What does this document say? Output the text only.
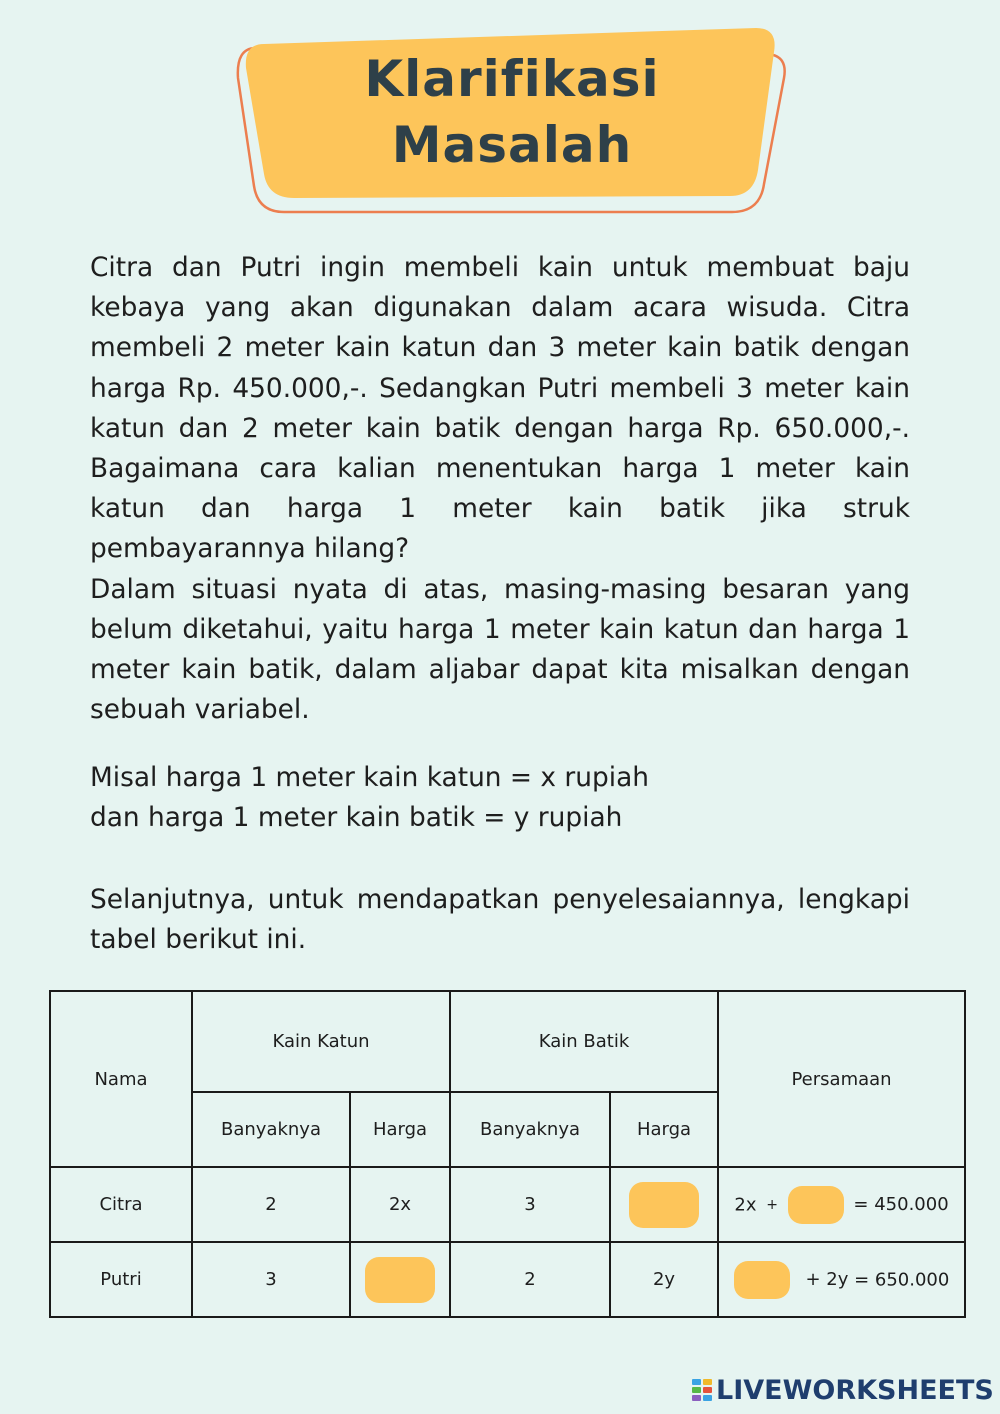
Klarifikasi
Masalah

Citra dan Putri ingin membeli kain untuk membuat baju kebaya yang akan digunakan dalam acara wisuda. Citra membeli 2 meter kain katun dan 3 meter kain batik dengan harga Rp. 450.000,-. Sedangkan Putri membeli 3 meter kain katun dan 2 meter kain batik dengan harga Rp. 650.000,-. Bagaimana cara kalian menentukan harga 1 meter kain katun dan harga 1 meter kain batik jika struk pembayarannya hilang?

Dalam situasi nyata di atas, masing-masing besaran yang belum diketahui, yaitu harga 1 meter kain katun dan harga 1 meter kain batik, dalam aljabar dapat kita misalkan dengan sebuah variabel.

Misal harga 1 meter kain katun = x rupiah

dan harga 1 meter kain batik = y rupiah

Selanjutnya, untuk mendapatkan penyelesaiannya, lengkapi tabel berikut ini.

Nama	Kain Katun		Kain Batik		Persamaan
	Banyaknya	Harga	Banyaknya	Harga	
Citra	2	2x	3		2x + = 450.000
Putri	3		2	2y	+ 2y = 650.000
LIVEWORKSHEETS
